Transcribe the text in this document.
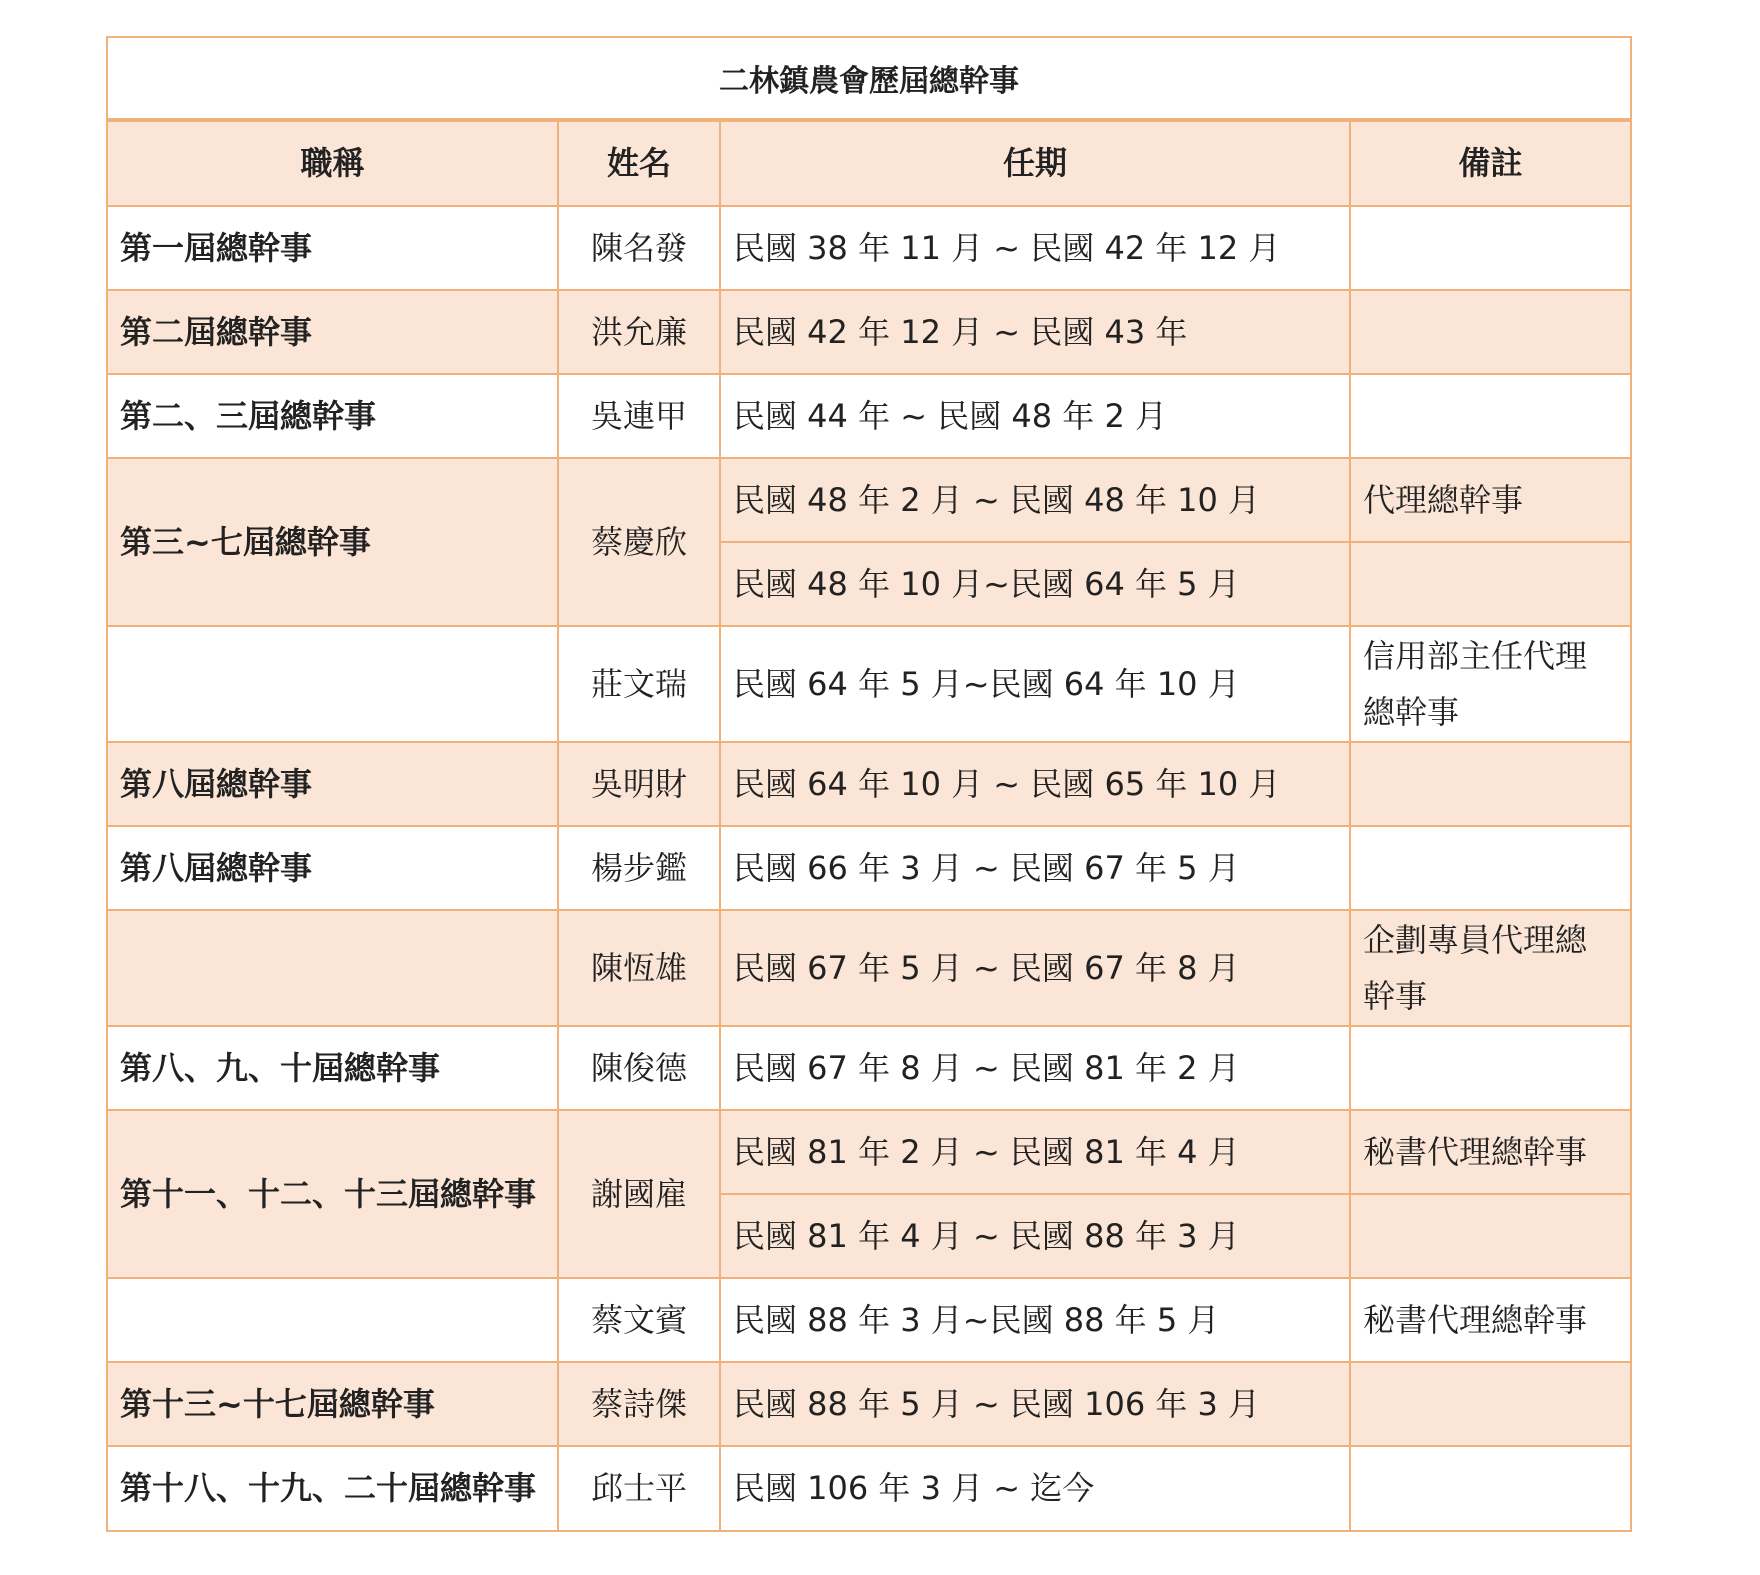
二林鎮農會歷屆總幹事
職稱	姓名	任期	備註
第一屆總幹事	陳名發	民國 38 年 11 月 ~ 民國 42 年 12 月	
第二屆總幹事	洪允廉	民國 42 年 12 月 ~ 民國 43 年	
第二、三屆總幹事	吳連甲	民國 44 年 ~ 民國 48 年 2 月	
第三~七屆總幹事	蔡慶欣	民國 48 年 2 月 ~ 民國 48 年 10 月	代理總幹事
		民國 48 年 10 月~民國 64 年 5 月	
	莊文瑞	民國 64 年 5 月~民國 64 年 10 月	信用部主任代理總幹事
第八屆總幹事	吳明財	民國 64 年 10 月 ~ 民國 65 年 10 月	
第八屆總幹事	楊步鑑	民國 66 年 3 月 ~ 民國 67 年 5 月	
	陳恆雄	民國 67 年 5 月 ~ 民國 67 年 8 月	企劃專員代理總幹事
第八、九、十屆總幹事	陳俊德	民國 67 年 8 月 ~ 民國 81 年 2 月	
第十一、十二、十三屆總幹事	謝國雇	民國 81 年 2 月 ~ 民國 81 年 4 月	秘書代理總幹事
		民國 81 年 4 月 ~ 民國 88 年 3 月	
	蔡文賓	民國 88 年 3 月~民國 88 年 5 月	秘書代理總幹事
第十三~十七屆總幹事	蔡詩傑	民國 88 年 5 月 ~ 民國 106 年 3 月	
第十八、十九、二十屆總幹事	邱士平	民國 106 年 3 月 ~ 迄今	
